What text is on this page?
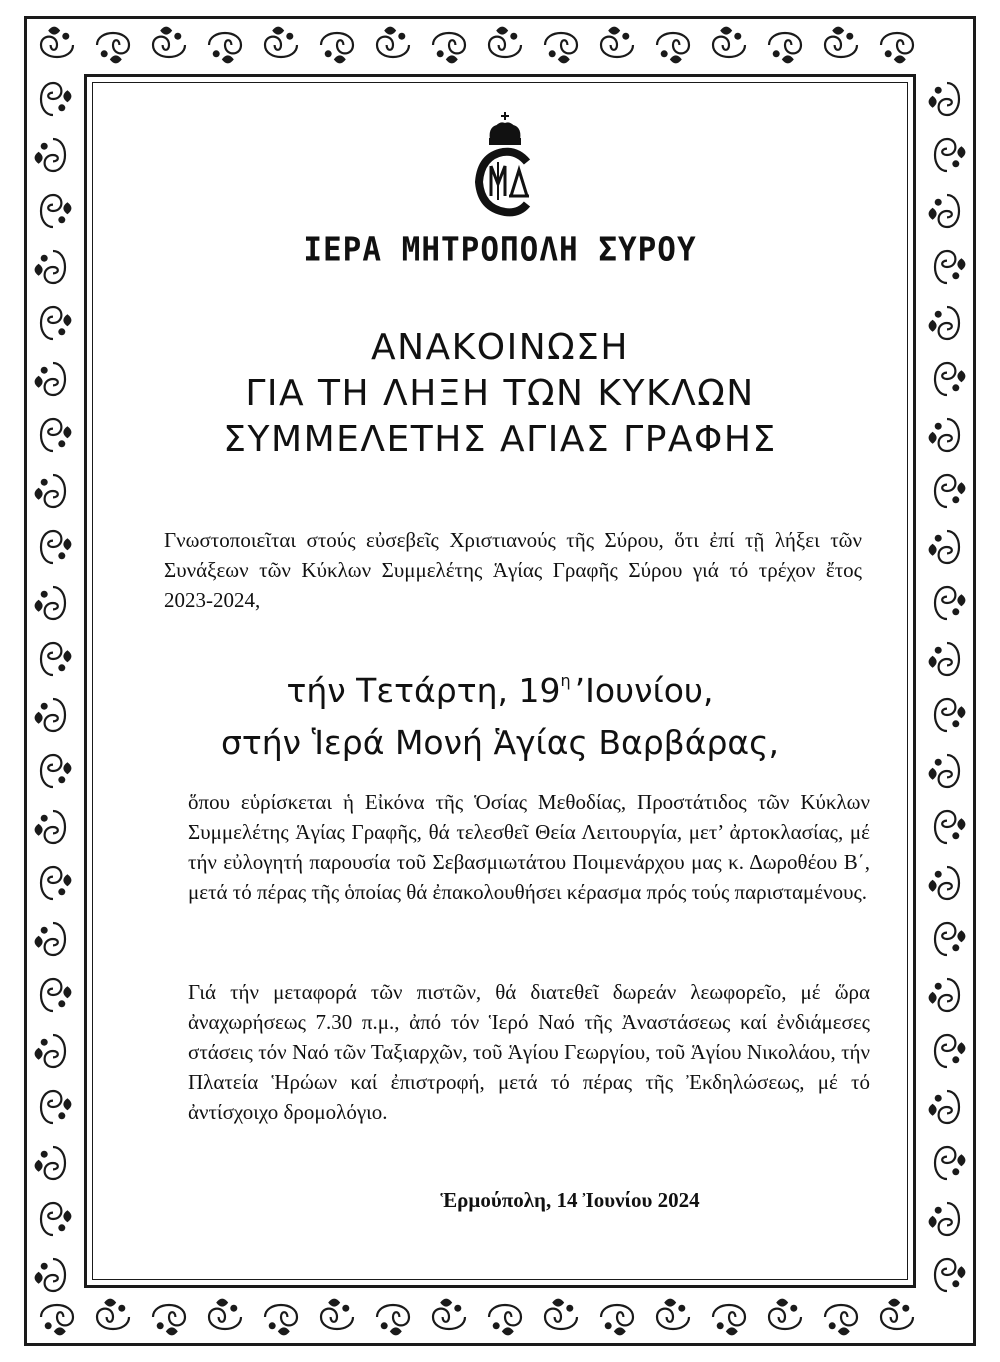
ΙΕΡΑ ΜΗΤΡΟΠΟΛΗ ΣΥΡΟΥ
ΑΝΑΚΟΙΝΩΣΗ
ΓΙΑ ΤΗ ΛΗΞΗ ΤΩΝ ΚΥΚΛΩΝ
ΣΥΜΜΕΛΕΤΗΣ ΑΓΙΑΣ ΓΡΑΦΗΣ
Γνωστοποιεῖται στούς εὐσεβεῖς Χριστιανούς τῆς Σύρου, ὅτι ἐπί τῇ λήξει τῶν Συνάξεων τῶν Κύκλων Συμμελέτης Ἁγίας Γραφῆς Σύρου γιά τό τρέχον ἔτος 2023-2024,
τήν Τετάρτη, $19^\eta$ ’Ιουνίου,
στήν Ἱερά Μονή Ἁγίας Βαρβάρας,
ὅπου εὑρίσκεται ἡ Εἰκόνα τῆς Ὁσίας Μεθοδίας, Προστάτιδος τῶν Κύκλων Συμμελέτης Ἁγίας Γραφῆς, θά τελεσθεῖ Θεία Λειτουργία, μετ’ ἀρτοκλασίας, μέ τήν εὐλογητή παρουσία τοῦ Σεβασμιωτάτου Ποιμενάρχου μας κ. Δωροθέου Β΄, μετά τό πέρας τῆς ὁποίας θά ἐπακολουθήσει κέρασμα πρός τούς παρισταμένους.
Γιά τήν μεταφορά τῶν πιστῶν, θά διατεθεῖ δωρεάν λεωφορεῖο, μέ ὥρα ἀναχωρήσεως 7.30 π.μ., ἀπό τόν Ἱερό Ναό τῆς Ἀναστάσεως καί ἐνδιάμεσες στάσεις τόν Ναό τῶν Ταξιαρχῶν, τοῦ Ἁγίου Γεωργίου, τοῦ Ἁγίου Νικολάου, τήν Πλατεία Ἡρώων καί ἐπιστροφή, μετά τό πέρας τῆς Ἐκδηλώσεως, μέ τό ἀντίσχοιχο δρομολόγιο.
Ἑρμούπολη, 14 Ἰουνίου 2024
